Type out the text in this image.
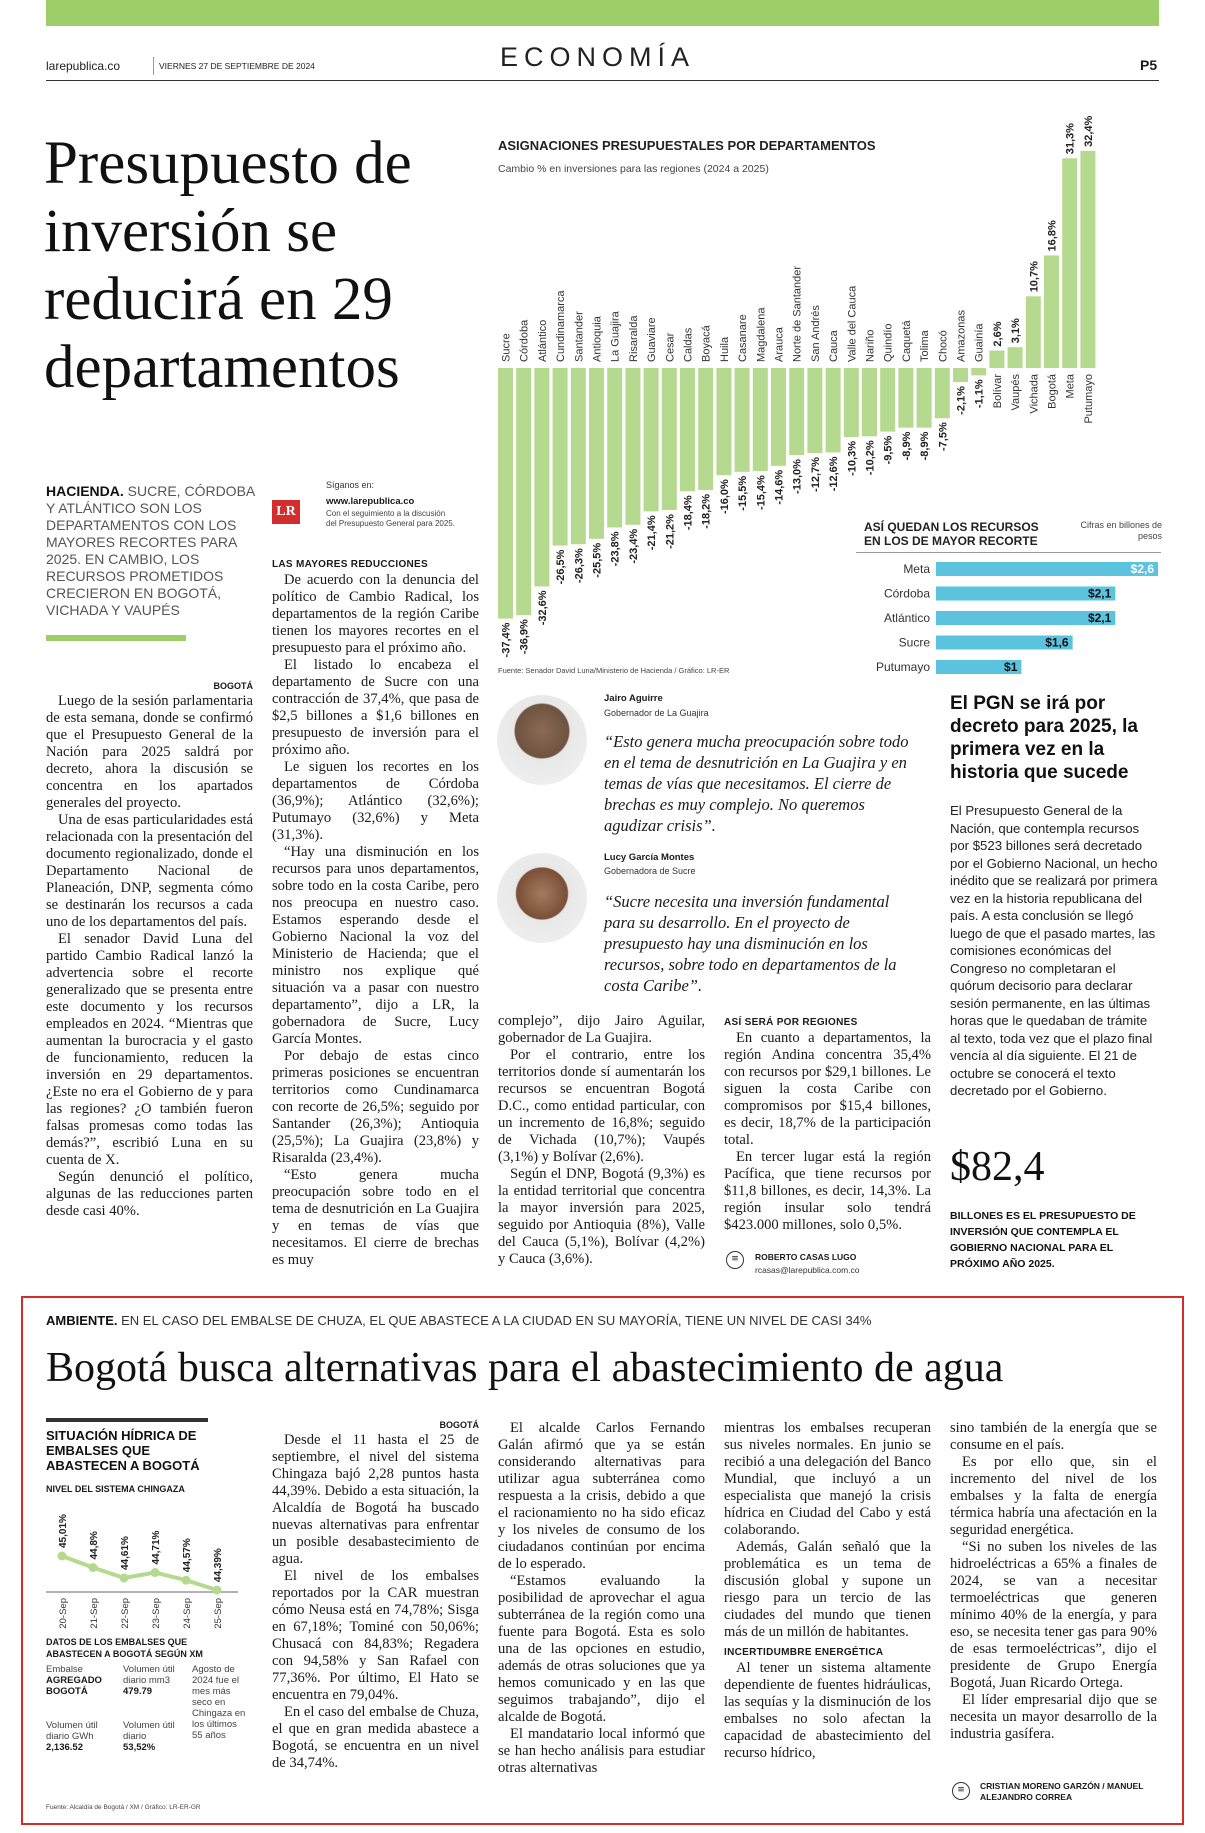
larepublica.co	VIERNES 27 DE SEPTIEMBRE DE 2024	ECONOMÍA	P5
Presupuesto de inversión se reducirá en 29 departamentos
HACIENDA. SUCRE, CÓRDOBA Y ATLÁNTICO SON LOS DEPARTAMENTOS CON LOS MAYORES RECORTES PARA 2025. EN CAMBIO, LOS RECURSOS PROMETIDOS CRECIERON EN BOGOTÁ, VICHADA Y VAUPÉS
LR
Síganos en:
www.larepublica.co
Con el seguimiento a la discusión del Presupuesto General para 2025.
BOGOTÁ

Luego de la sesión parlamentaria de esta semana, donde se confirmó que el Presupuesto General de la Nación para 2025 saldrá por decreto, ahora la discusión se concentra en los apartados generales del proyecto.

Una de esas particularidades está relacionada con la presentación del documento regionalizado, donde el Departamento Nacional de Planeación, DNP, segmenta cómo se destinarán los recursos a cada uno de los departamentos del país.

El senador David Luna del partido Cambio Radical lanzó la advertencia sobre el recorte generalizado que se presenta entre este documento y los recursos empleados en 2024. “Mientras que aumentan la burocracia y el gasto de funcionamiento, reducen la inversión en 29 departamentos. ¿Este no era el Gobierno de y para las regiones? ¿O también fueron falsas promesas como todas las demás?”, escribió Luna en su cuenta de X.

Según denunció el político, algunas de las reducciones parten desde casi 40%.

LAS MAYORES REDUCCIONES

De acuerdo con la denuncia del político de Cambio Radical, los departamentos de la región Caribe tienen los mayores recortes en el presupuesto para el próximo año.

El listado lo encabeza el departamento de Sucre con una contracción de 37,4%, que pasa de $2,5 billones a $1,6 billones en presupuesto de inversión para el próximo año.

Le siguen los recortes en los departamentos de Córdoba (36,9%); Atlántico (32,6%); Putumayo (32,6%) y Meta (31,3%).

“Hay una disminución en los recursos para unos departamentos, sobre todo en la costa Caribe, pero nos preocupa en nuestro caso. Estamos esperando desde el Gobierno Nacional la voz del Ministerio de Hacienda; que el ministro nos explique qué situación va a pasar con nuestro departamento”, dijo a LR, la gobernadora de Sucre, Lucy García Montes.

Por debajo de estas cinco primeras posiciones se encuentran territorios como Cundinamarca con recorte de 26,5%; seguido por Santander (26,3%); Antioquia (25,5%); La Guajira (23,8%) y Risaralda (23,4%).

“Esto genera mucha preocupación sobre todo en el tema de desnutrición en La Guajira y en temas de vías que necesitamos. El cierre de brechas es muy

ASIGNACIONES PRESUPUESTALES POR DEPARTAMENTOS
Cambio % en inversiones para las regiones (2024 a 2025)
Sucre
-37,4%
Córdoba
-36,9%
Atlántico
-32,6%
Cundinamarca
-26,5%
Santander
-26,3%
Antioquia
-25,5%
La Guajira
-23,8%
Risaralda
-23,4%
Guaviare
-21,4%
Cesar
-21,2%
Caldas
-18,4%
Boyacá
-18,2%
Huila
-16,0%
Casanare
-15,5%
Magdalena
-15,4%
Arauca
-14,6%
Norte de Santander
-13,0%
San Andrés
-12,7%
Cauca
-12,6%
Valle del Cauca
-10,3%
Nariño
-10,2%
Quindío
-9,5%
Caquetá
-8,9%
Tolima
-8,9%
Chocó
-7,5%
Amazonas
-2,1%
Guainía
-1,1% Bolívar
2,6%
Vaupés
3,1%
Vichada
10,7%
Bogotá
16,8%
Meta
31,3%
Putumayo
32,4%
Fuente: Senador David Luna/Ministerio de Hacienda / Gráfico: LR-ER
ASÍ QUEDAN LOS RECURSOS EN LOS DE MAYOR RECORTE
Cifras en billones de pesos
Meta	$2,6
Córdoba	$2,1
Atlántico	$2,1
Sucre	$1,6
Putumayo	$1
Jairo Aguirre
Gobernador de La Guajira
“Esto genera mucha preocupación sobre todo en el tema de desnutrición en La Guajira y en temas de vías que necesitamos. El cierre de brechas es muy complejo. No queremos agudizar crisis”.
Lucy García Montes
Gobernadora de Sucre
“Sucre necesita una inversión fundamental para su desarrollo. En el proyecto de presupuesto hay una disminución en los recursos, sobre todo en departamentos de la costa Caribe”.

complejo”, dijo Jairo Aguilar, gobernador de La Guajira.

Por el contrario, entre los territorios donde sí aumentarán los recursos se encuentran Bogotá D.C., como entidad particular, con un incremento de 16,8%; seguido de Vichada (10,7%); Vaupés (3,1%) y Bolívar (2,6%).

Según el DNP, Bogotá (9,3%) es la entidad territorial que concentra la mayor inversión para 2025, seguido por Antioquia (8%), Valle del Cauca (5,1%), Bolívar (4,2%) y Cauca (3,6%).

ASÍ SERÁ POR REGIONES

En cuanto a departamentos, la región Andina concentra 35,4% con recursos por $29,1 billones. Le siguen la costa Caribe con compromisos por $15,4 billones, es decir, 18,7% de la participación total.

En tercer lugar está la región Pacífica, que tiene recursos por $11,8 billones, es decir, 14,3%. La región insular solo tendrá $423.000 millones, solo 0,5%.

≡	ROBERTO CASAS LUGO
rcasas@larepublica.com.co
El PGN se irá por decreto para 2025, la primera vez en la historia que sucede
El Presupuesto General de la Nación, que contempla recursos por $523 billones será decretado por el Gobierno Nacional, un hecho inédito que se realizará por primera vez en la historia republicana del país. A esta conclusión se llegó luego de que el pasado martes, las comisiones económicas del Congreso no completaran el quórum decisorio para declarar sesión permanente, en las últimas horas que le quedaban de trámite al texto, toda vez que el plazo final vencía al día siguiente. El 21 de octubre se conocerá el texto decretado por el Gobierno.
$82,4
BILLONES ES EL PRESUPUESTO DE INVERSIÓN QUE CONTEMPLA EL GOBIERNO NACIONAL PARA EL PRÓXIMO AÑO 2025.
AMBIENTE. EN EL CASO DEL EMBALSE DE CHUZA, EL QUE ABASTECE A LA CIUDAD EN SU MAYORÍA, TIENE UN NIVEL DE CASI 34%
Bogotá busca alternativas para el abastecimiento de agua
SITUACIÓN HÍDRICA DE EMBALSES QUE ABASTECEN A BOGOTÁ
NIVEL DEL SISTEMA CHINGAZA
45,01%
20-Sep
44,8%
21-Sep
44,61%
22-Sep
44,71%
23-Sep
44,57%
24-Sep
44,39%
25-Sep
DATOS DE LOS EMBALSES QUE ABASTECEN A BOGOTÁ SEGÚN XM
Embalse
AGREGADO BOGOTÁ
Volumen útil diario mm3
479.79
Agosto de 2024 fue el mes más seco en Chingaza en los últimos 55 años
Volumen útil diario GWh
2,136.52
Volumen útil diario
53,52%
Fuente: Alcaldía de Bogotá / XM / Gráfico: LR-ER-GR
BOGOTÁ

Desde el 11 hasta el 25 de septiembre, el nivel del sistema Chingaza bajó 2,28 puntos hasta 44,39%. Debido a esta situación, la Alcaldía de Bogotá ha buscado nuevas alternativas para enfrentar un posible desabastecimiento de agua.

El nivel de los embalses reportados por la CAR muestran cómo Neusa está en 74,78%; Sisga en 67,18%; Tominé con 50,06%; Chusacá con 84,83%; Regadera con 94,58% y San Rafael con 77,36%. Por último, El Hato se encuentra en 79,04%.

En el caso del embalse de Chuza, el que en gran medida abastece a Bogotá, se encuentra en un nivel de 34,74%.

El alcalde Carlos Fernando Galán afirmó que ya se están considerando alternativas para utilizar agua subterránea como respuesta a la crisis, debido a que el racionamiento no ha sido eficaz y los niveles de consumo de los ciudadanos continúan por encima de lo esperado.

“Estamos evaluando la posibilidad de aprovechar el agua subterránea de la región como una fuente para Bogotá. Esta es solo una de las opciones en estudio, además de otras soluciones que ya hemos comunicado y en las que seguimos trabajando”, dijo el alcalde de Bogotá.

El mandatario local informó que se han hecho análisis para estudiar otras alternativas

mientras los embalses recuperan sus niveles normales. En junio se recibió a una delegación del Banco Mundial, que incluyó a un especialista que manejó la crisis hídrica en Ciudad del Cabo y está colaborando.

Además, Galán señaló que la problemática es un tema de discusión global y supone un riesgo para un tercio de las ciudades del mundo que tienen más de un millón de habitantes.

INCERTIDUMBRE ENERGÉTICA

Al tener un sistema altamente dependiente de fuentes hidráulicas, las sequías y la disminución de los embalses no solo afectan la capacidad de abastecimiento del recurso hídrico,

sino también de la energía que se consume en el país.

Es por ello que, sin el incremento del nivel de los embalses y la falta de energía térmica habría una afectación en la seguridad energética.

“Si no suben los niveles de las hidroeléctricas a 65% a finales de 2024, se van a necesitar termoeléctricas que generen mínimo 40% de la energía, y para eso, se necesita tener gas para 90% de esas termoeléctricas”, dijo el presidente de Grupo Energía Bogotá, Juan Ricardo Ortega.

El líder empresarial dijo que se necesita un mayor desarrollo de la industria gasífera.

≡	CRISTIAN MORENO GARZÓN / MANUEL ALEJANDRO CORREA
